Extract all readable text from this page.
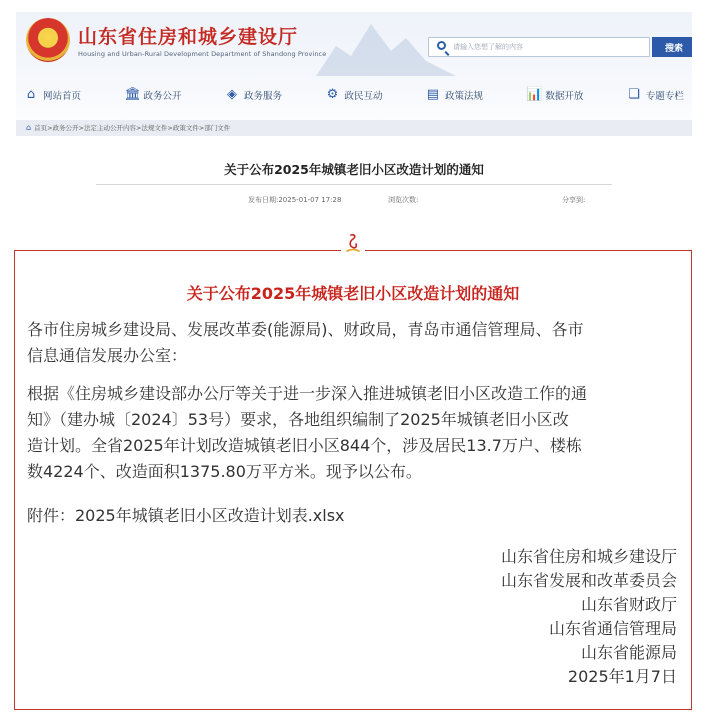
★
山东省住房和城乡建设厅
Housing and Urban-Rural Development Department of Shandong Province
请输入您想了解的内容
搜索
⌂ 网站首页	🏛 政务公开	◈ 政务服务	⚙ 政民互动	▤ 政策法规	📊 数据开放	❏ 专题专栏
⌂ 首页>政务公开>法定主动公开内容>法规文件>政策文件>部门文件
关于公布2025年城镇老旧小区改造计划的通知
发布日期:2025-01-07 17:28	浏览次数:	分享到:
关于公布2025年城镇老旧小区改造计划的通知

各市住房城乡建设局、发展改革委(能源局)、财政局，青岛市通信管理局、各市
信息通信发展办公室：

根据《住房城乡建设部办公厅等关于进一步深入推进城镇老旧小区改造工作的通
知》（建办城〔2024〕53号）要求，各地组织编制了2025年城镇老旧小区改
造计划。全省2025年计划改造城镇老旧小区844个，涉及居民13.7万户、楼栋
数4224个、改造面积1375.80万平方米。现予以公布。

附件：2025年城镇老旧小区改造计划表.xlsx

山东省住房和城乡建设厅
山东省发展和改革委员会
山东省财政厅
山东省通信管理局
山东省能源局
2025年1月7日
